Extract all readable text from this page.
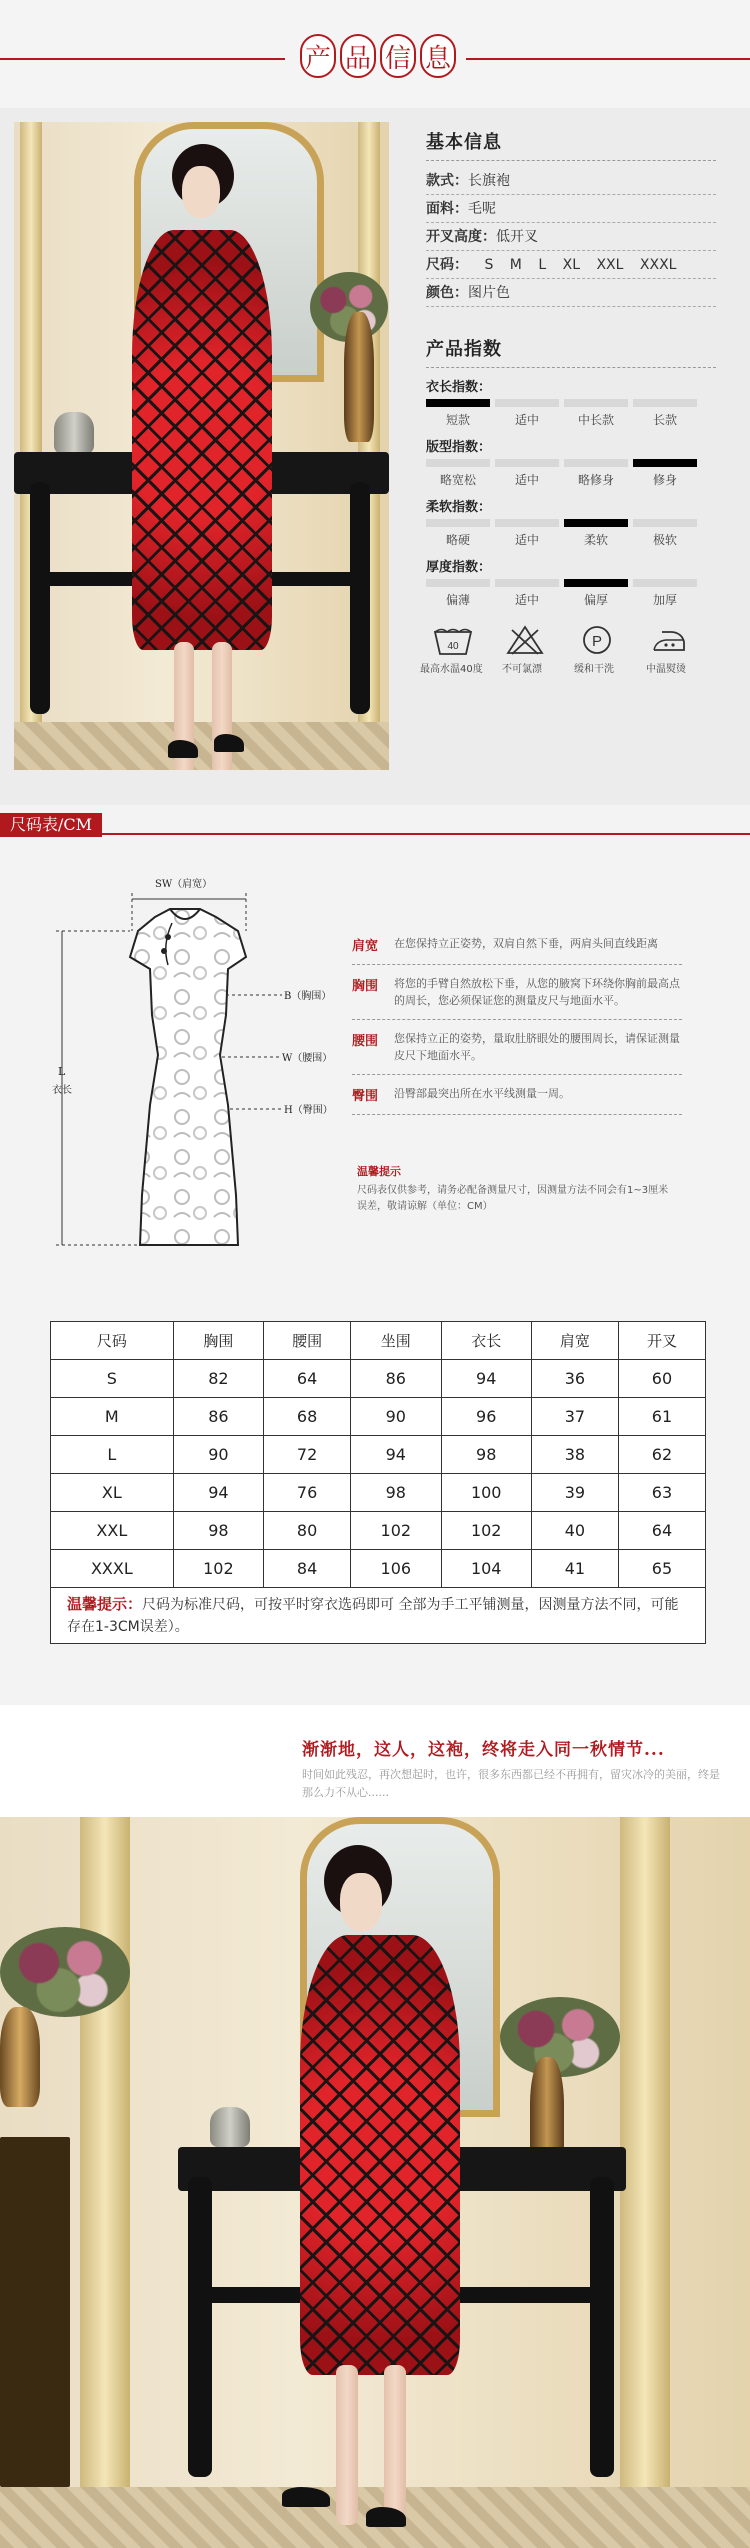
产 品 信 息
基本信息
款式：长旗袍
面料：毛呢
开叉高度：低开叉
尺码： S M L XL XXL XXXL
颜色：图片色
产品指数
衣长指数：
短款	适中	中长款	长款
版型指数：
略宽松	适中	略修身	修身
柔软指数：
略硬	适中	柔软	极软
厚度指数：
偏薄	适中	偏厚	加厚
40
最高水温40度	不可氯漂
P
缓和干洗	中温熨烫
尺码表/CM
SW（肩宽）
B（胸围）
W（腰围）
H（臀围）
L
衣长
肩宽	在您保持立正姿势，双肩自然下垂，两肩头间直线距离
胸围	将您的手臂自然放松下垂，从您的腋窝下环绕你胸前最高点的周长，您必须保证您的测量皮尺与地面水平。
腰围	您保持立正的姿势，量取肚脐眼处的腰围周长，请保证测量皮尺下地面水平。
臀围	沿臀部最突出所在水平线测量一周。
温馨提示
尺码表仅供参考，请务必配备测量尺寸，因测量方法不同会有1~3厘米误差，敬请谅解（单位：CM）
尺码	胸围	腰围	坐围	衣长	肩宽	开叉
S	82	64	86	94	36	60
M	86	68	90	96	37	61
L	90	72	94	98	38	62
XL	94	76	98	100	39	63
XXL	98	80	102	102	40	64
XXXL	102	84	106	104	41	65
温馨提示：尺码为标准尺码，可按平时穿衣选码即可 全部为手工平铺测量，因测量方法不同，可能存在1-3CM误差）。						
渐渐地，这人，这袍，终将走入同一秋情节...
时间如此残忍，再次想起时，也许，很多东西都已经不再拥有，留灾冰冷的美丽，终是那么力不从心......
